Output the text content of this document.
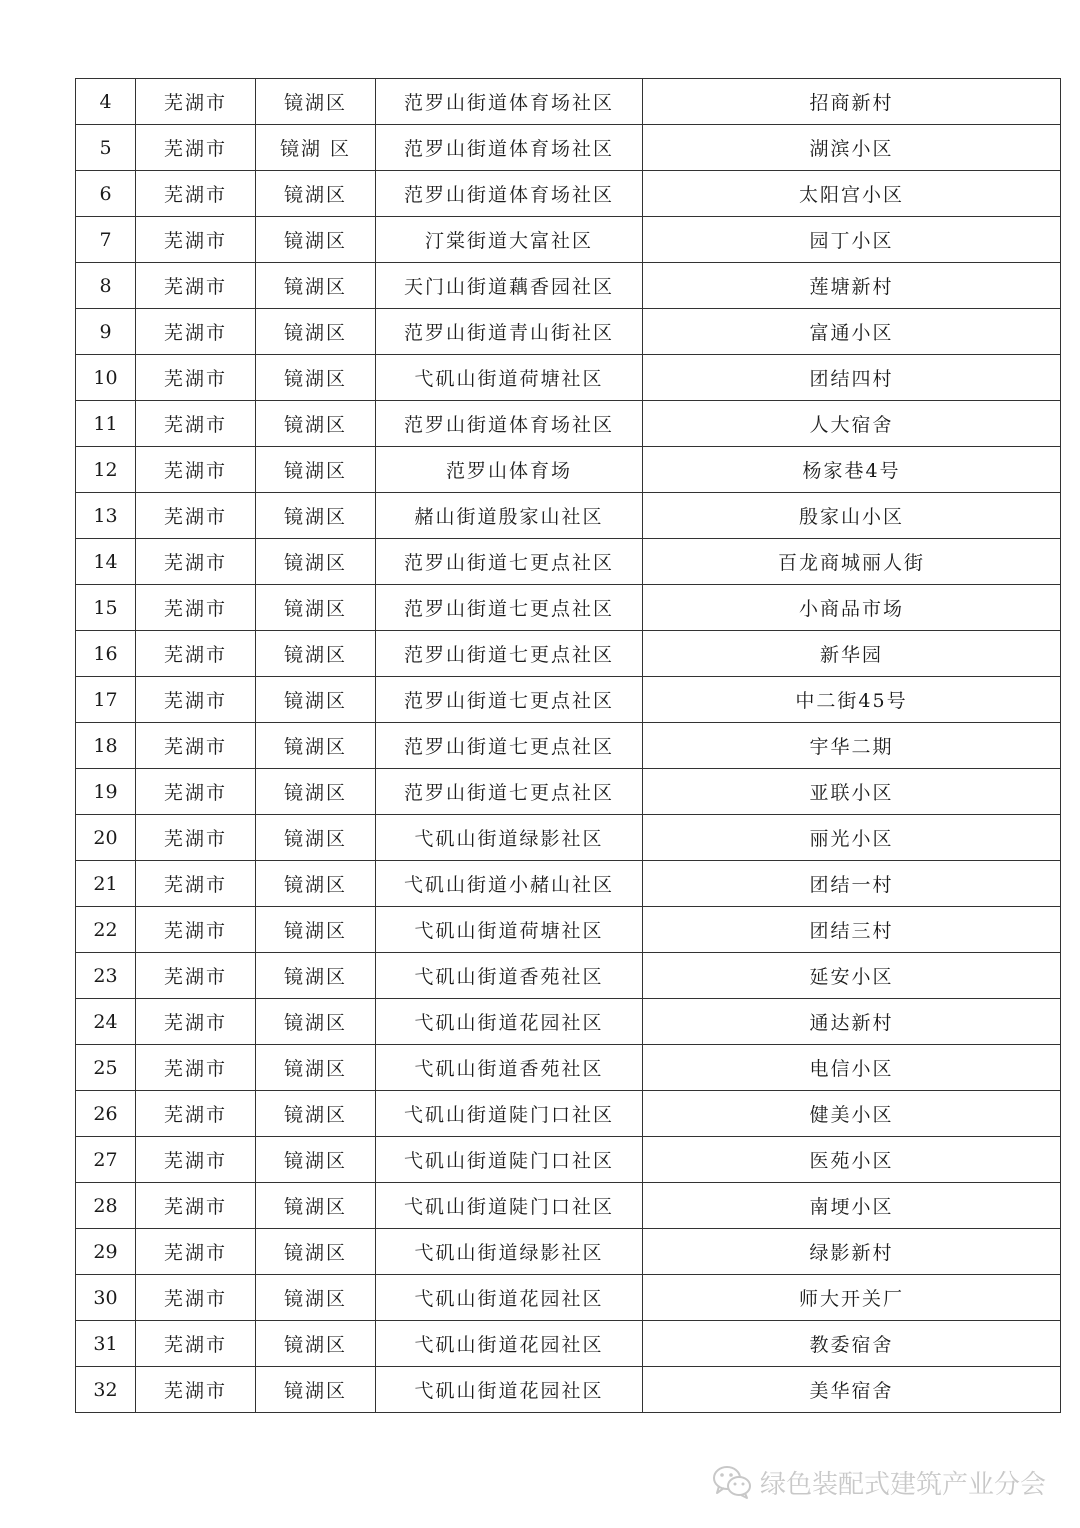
4	芜湖市	镜湖区	范罗山街道体育场社区	招商新村
5	芜湖市	镜湖 区	范罗山街道体育场社区	湖滨小区
6	芜湖市	镜湖区	范罗山街道体育场社区	太阳宫小区
7	芜湖市	镜湖区	汀棠街道大富社区	园丁小区
8	芜湖市	镜湖区	天门山街道藕香园社区	莲塘新村
9	芜湖市	镜湖区	范罗山街道青山街社区	富通小区
10	芜湖市	镜湖区	弋矶山街道荷塘社区	团结四村
11	芜湖市	镜湖区	范罗山街道体育场社区	人大宿舍
12	芜湖市	镜湖区	范罗山体育场	杨家巷4号
13	芜湖市	镜湖区	赭山街道殷家山社区	殷家山小区
14	芜湖市	镜湖区	范罗山街道七更点社区	百龙商城丽人街
15	芜湖市	镜湖区	范罗山街道七更点社区	小商品市场
16	芜湖市	镜湖区	范罗山街道七更点社区	新华园
17	芜湖市	镜湖区	范罗山街道七更点社区	中二街45号
18	芜湖市	镜湖区	范罗山街道七更点社区	宇华二期
19	芜湖市	镜湖区	范罗山街道七更点社区	亚联小区
20	芜湖市	镜湖区	弋矶山街道绿影社区	丽光小区
21	芜湖市	镜湖区	弋矶山街道小赭山社区	团结一村
22	芜湖市	镜湖区	弋矶山街道荷塘社区	团结三村
23	芜湖市	镜湖区	弋矶山街道香苑社区	延安小区
24	芜湖市	镜湖区	弋矶山街道花园社区	通达新村
25	芜湖市	镜湖区	弋矶山街道香苑社区	电信小区
26	芜湖市	镜湖区	弋矶山街道陡门口社区	健美小区
27	芜湖市	镜湖区	弋矶山街道陡门口社区	医苑小区
28	芜湖市	镜湖区	弋矶山街道陡门口社区	南埂小区
29	芜湖市	镜湖区	弋矶山街道绿影社区	绿影新村
30	芜湖市	镜湖区	弋矶山街道花园社区	师大开关厂
31	芜湖市	镜湖区	弋矶山街道花园社区	教委宿舍
32	芜湖市	镜湖区	弋矶山街道花园社区	美华宿舍
绿色装配式建筑产业分会
